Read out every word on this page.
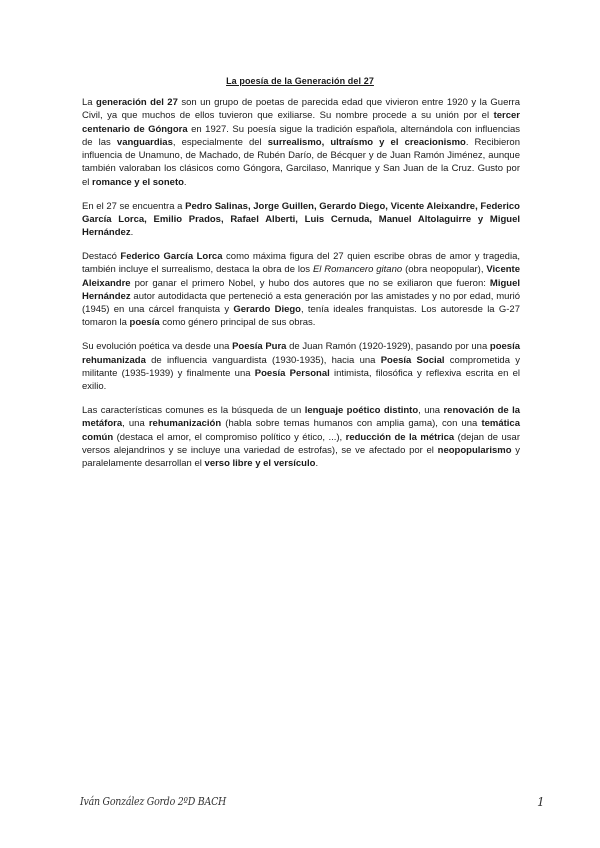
La poesía de la Generación del 27

La generación del 27 son un grupo de poetas de parecida edad que vivieron entre 1920 y la Guerra Civil, ya que muchos de ellos tuvieron que exiliarse. Su nombre procede a su unión por el tercer centenario de Góngora en 1927. Su poesía sigue la tradición española, alternándola con influencias de las vanguardias, especialmente del surrealismo, ultraísmo y el creacionismo. Recibieron influencia de Unamuno, de Machado, de Rubén Darío, de Bécquer y de Juan Ramón Jiménez, aunque también valoraban los clásicos como Góngora, Garcilaso, Manrique y San Juan de la Cruz. Gusto por el romance y el soneto.

En el 27 se encuentra a Pedro Salinas, Jorge Guillen, Gerardo Diego, Vicente Aleixandre, Federico García Lorca, Emilio Prados, Rafael Alberti, Luis Cernuda, Manuel Altolaguirre y Miguel Hernández.

Destacó Federico García Lorca como máxima figura del 27 quien escribe obras de amor y tragedia, también incluye el surrealismo, destaca la obra de los El Romancero gitano (obra neopopular), Vicente Aleixandre por ganar el primero Nobel, y hubo dos autores que no se exiliaron que fueron: Miguel Hernández autor autodidacta que perteneció a esta generación por las amistades y no por edad, murió (1945) en una cárcel franquista y Gerardo Diego, tenía ideales franquistas. Los autoresde la G-27 tomaron la poesía como género principal de sus obras.

Su evolución poética va desde una Poesía Pura de Juan Ramón (1920-1929), pasando por una poesía rehumanizada de influencia vanguardista (1930-1935), hacia una Poesía Social comprometida y militante (1935-1939) y finalmente una Poesía Personal intimista, filosófica y reflexiva escrita en el exilio.

Las características comunes es la búsqueda de un lenguaje poético distinto, una renovación de la metáfora, una rehumanización (habla sobre temas humanos con amplia gama), con una temática común (destaca el amor, el compromiso político y ético, ...), reducción de la métrica (dejan de usar versos alejandrinos y se incluye una variedad de estrofas), se ve afectado por el neopopularismo y paralelamente desarrollan el verso libre y el versículo.

Iván González Gordo 2ºD BACH	1
